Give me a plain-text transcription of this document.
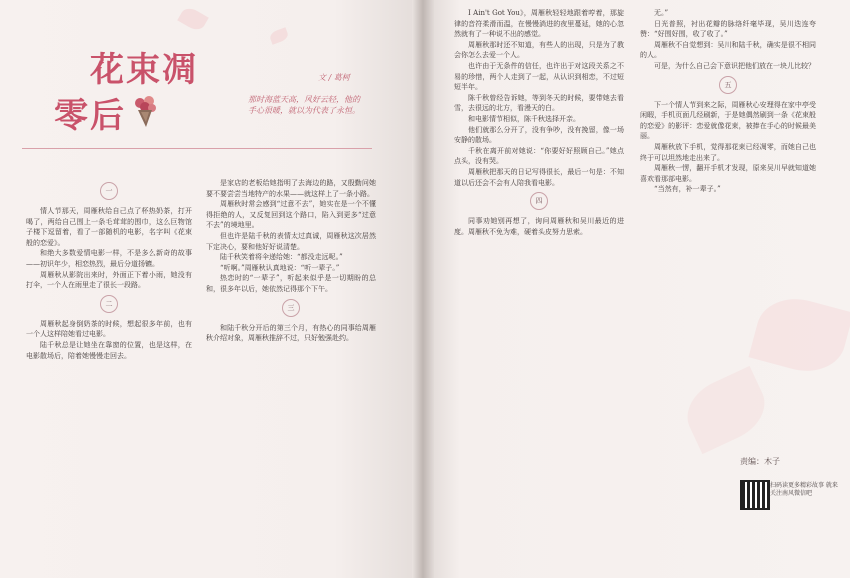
花束凋
零后
文 / 葛柯
那时海蓝天高，风好云轻，他的手心很暖，就以为代表了永恒。
一

情人节那天，周雁秋给自己点了杯热奶茶，打开喝了，两给自己围上一条毛茸茸的围巾，这么巨物馆子楼下逗留着，看了一部随机的电影，名字叫《花束般的恋爱》。

和绝大多数爱情电影一样，不是多么新奇的故事——初识年少，相恋热烈，最后分道扬镳。

周雁秋从影院出来时，外面正下着小雨，她没有打伞，一个人在雨里走了很长一段路。

二

周雁秋起身倒奶茶的时候，想起很多年前，也有一个人这样陪她看过电影。

陆千秋总是让她坐在靠窗的位置，也是这样，在电影散场后，陪着她慢慢走回去。

是家店的老板给她指明了去海边的路，又殷勤问她要不要尝尝当地特产的水果——就这样上了一条小路。

周雁秋时常会感到“过意不去”，她实在是一个不懂得拒绝的人，又反复回到这个路口，陷入到更多“过意不去”的境地里。

但也许是陆千秋的表情太过真诚，周雁秋这次居然下定决心，要和他好好说清楚。

陆千秋笑着将伞递给她：“都没走远呢。”

“听啊。”周雁秋认真地说：“听一辈子。”

热恋时的“一辈子”，听起来似乎是一切期盼的总和，很多年以后，她依然记得那个下午。

三

和陆千秋分开后的第三个月，有热心的同事给周雁秋介绍对象，周雁秋推辞不过，只好勉强赴约。

I Ain't Got You》，周雁秋轻轻地跟着哼着，那旋律的音符柔滑而温，在慢慢淌进的夜里蔓延，她的心忽然就有了一种说不出的感觉。

周雁秋那时还不知道，有些人的出现，只是为了教会你怎么去爱一个人。

也许由于无条件的信任，也许出于对这段关系之不易的珍惜，两个人走到了一起，从认识到相恋，不过短短半年。

陈千秋曾经告诉她，等到冬天的时候，要带她去看雪，去很远的北方，看漫天的白。

和电影情节相似，陈千秋选择开亲。

他们就那么分开了，没有争吵，没有挽留，像一场安静的散场。

千秋在离开前对她说：“你要好好照顾自己。”她点点头，没有哭。

周雁秋把那天的日记写得很长，最后一句是：不知道以后还会不会有人陪我看电影。

四

同事劝她别再想了，询问周雁秋和吴川最近的进度。周雁秋不免为难，硬着头皮努力思索。

无。”

日光普照，衬出花瓣的脉络纤毫毕现，吴川迭连夸赞：“好围好围，收了收了。”

周雁秋不自觉想到：吴川和陆千秋，确实是很不相同的人。

可是，为什么自己会下意识把他们放在一块儿比较？

五

下一个情人节到来之际，周雁秋心安理得在家中亭受闲暇，手机页面几经刷新，于是她偶然刷到一条《花束般的恋爱》的影评：恋爱就像花束，被捧在手心的时候最美丽。

周雁秋放下手机，觉得那花束已经凋零，而她自己也终于可以坦然地走出来了。

周雁秋一愣，翻开手机才发现，原来吴川早就知道她喜欢看那部电影。

“当然有，补一辈子。”

责编：木子
扫码读更多精彩故事 就来关注南风微信吧
